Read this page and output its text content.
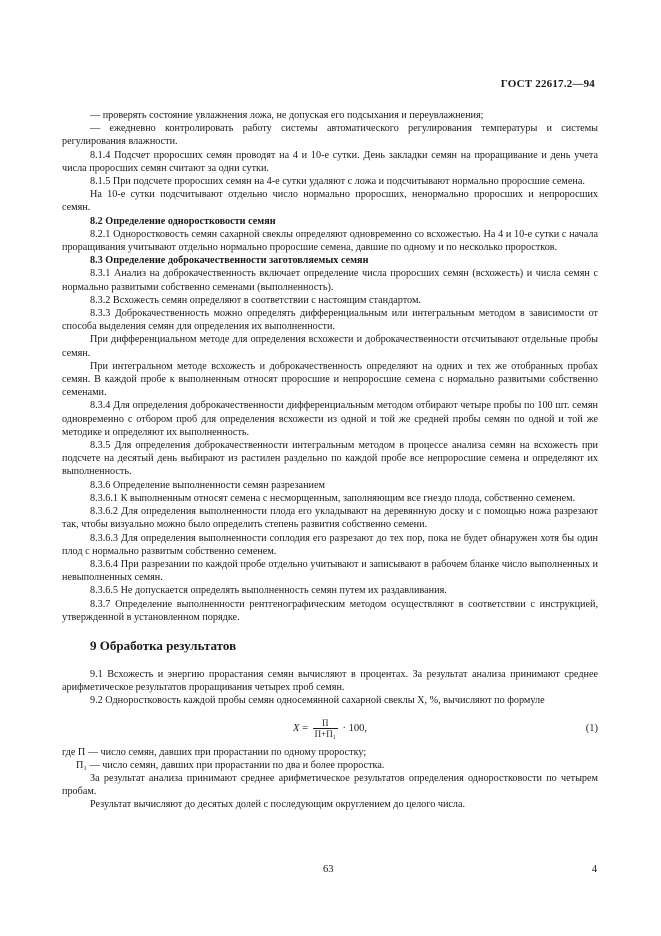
ГОСТ 22617.2—94

— проверять состояние увлажнения ложа, не допуская его подсыхания и переувлажнения;

— ежедневно контролировать работу системы автоматического регулирования температуры и системы регулирования влажности.

8.1.4 Подсчет проросших семян проводят на 4 и 10-е сутки. День закладки семян на проращивание и день учета числа проросших семян считают за одни сутки.

8.1.5 При подсчете проросших семян на 4-е сутки удаляют с ложа и подсчитывают нормально проросшие семена.

На 10-е сутки подсчитывают отдельно число нормально проросших, ненормально проросших и непроросших семян.

8.2 Определение одноростковости семян

8.2.1 Одноростковость семян сахарной свеклы определяют одновременно со всхожестью. На 4 и 10-е сутки с начала проращивания учитывают отдельно нормально проросшие семена, давшие по одному и по несколько проростков.

8.3 Определение доброкачественности заготовляемых семян

8.3.1 Анализ на доброкачественность включает определение числа проросших семян (всхожесть) и числа семян с нормально развитыми собственно семенами (выполненность).

8.3.2 Всхожесть семян определяют в соответствии с настоящим стандартом.

8.3.3 Доброкачественность можно определять дифференциальным или интегральным методом в зависимости от способа выделения семян для определения их выполненности.

При дифференциальном методе для определения всхожести и доброкачественности отсчитывают отдельные пробы семян.

При интегральном методе всхожесть и доброкачественность определяют на одних и тех же отобранных пробах семян. В каждой пробе к выполненным относят проросшие и непроросшие семена с нормально развитыми собственно семенами.

8.3.4 Для определения доброкачественности дифференциальным методом отбирают четыре пробы по 100 шт. семян одновременно с отбором проб для определения всхожести из одной и той же средней пробы семян по одной и той же методике и определяют их выполненность.

8.3.5 Для определения доброкачественности интегральным методом в процессе анализа семян на всхожесть при подсчете на десятый день выбирают из растилен раздельно по каждой пробе все непроросшие семена и определяют их выполненность.

8.3.6 Определение выполненности семян разрезанием

8.3.6.1 К выполненным относят семена с несморщенным, заполняющим все гнездо плода, собственно семенем.

8.3.6.2 Для определения выполненности плода его укладывают на деревянную доску и с помощью ножа разрезают так, чтобы визуально можно было определить степень развития собственно семени.

8.3.6.3 Для определения выполненности соплодия его разрезают до тех пор, пока не будет обнаружен хотя бы один плод с нормально развитым собственно семенем.

8.3.6.4 При разрезании по каждой пробе отдельно учитывают и записывают в рабочем бланке число выполненных и невыполненных семян.

8.3.6.5 Не допускается определять выполненность семян путем их раздавливания.

8.3.7 Определение выполненности рентгенографическим методом осуществляют в соответствии с инструкцией, утвержденной в установленном порядке.

9 Обработка результатов

9.1 Всхожесть и энергию прорастания семян вычисляют в процентах. За результат анализа принимают среднее арифметическое результатов проращивания четырех проб семян.

9.2 Одноростковость каждой пробы семян односемянной сахарной свеклы X, %, вычисляют по формуле

$X = \frac{П}{\text{П+П₁}} \cdot 100$,	(1)

где П — число семян, давших при прорастании по одному проростку;

П₁ — число семян, давших при прорастании по два и более проростка.

За результат анализа принимают среднее арифметическое результатов определения одноростковости по четырем пробам.

Результат вычисляют до десятых долей с последующим округлением до целого числа.

63	4
